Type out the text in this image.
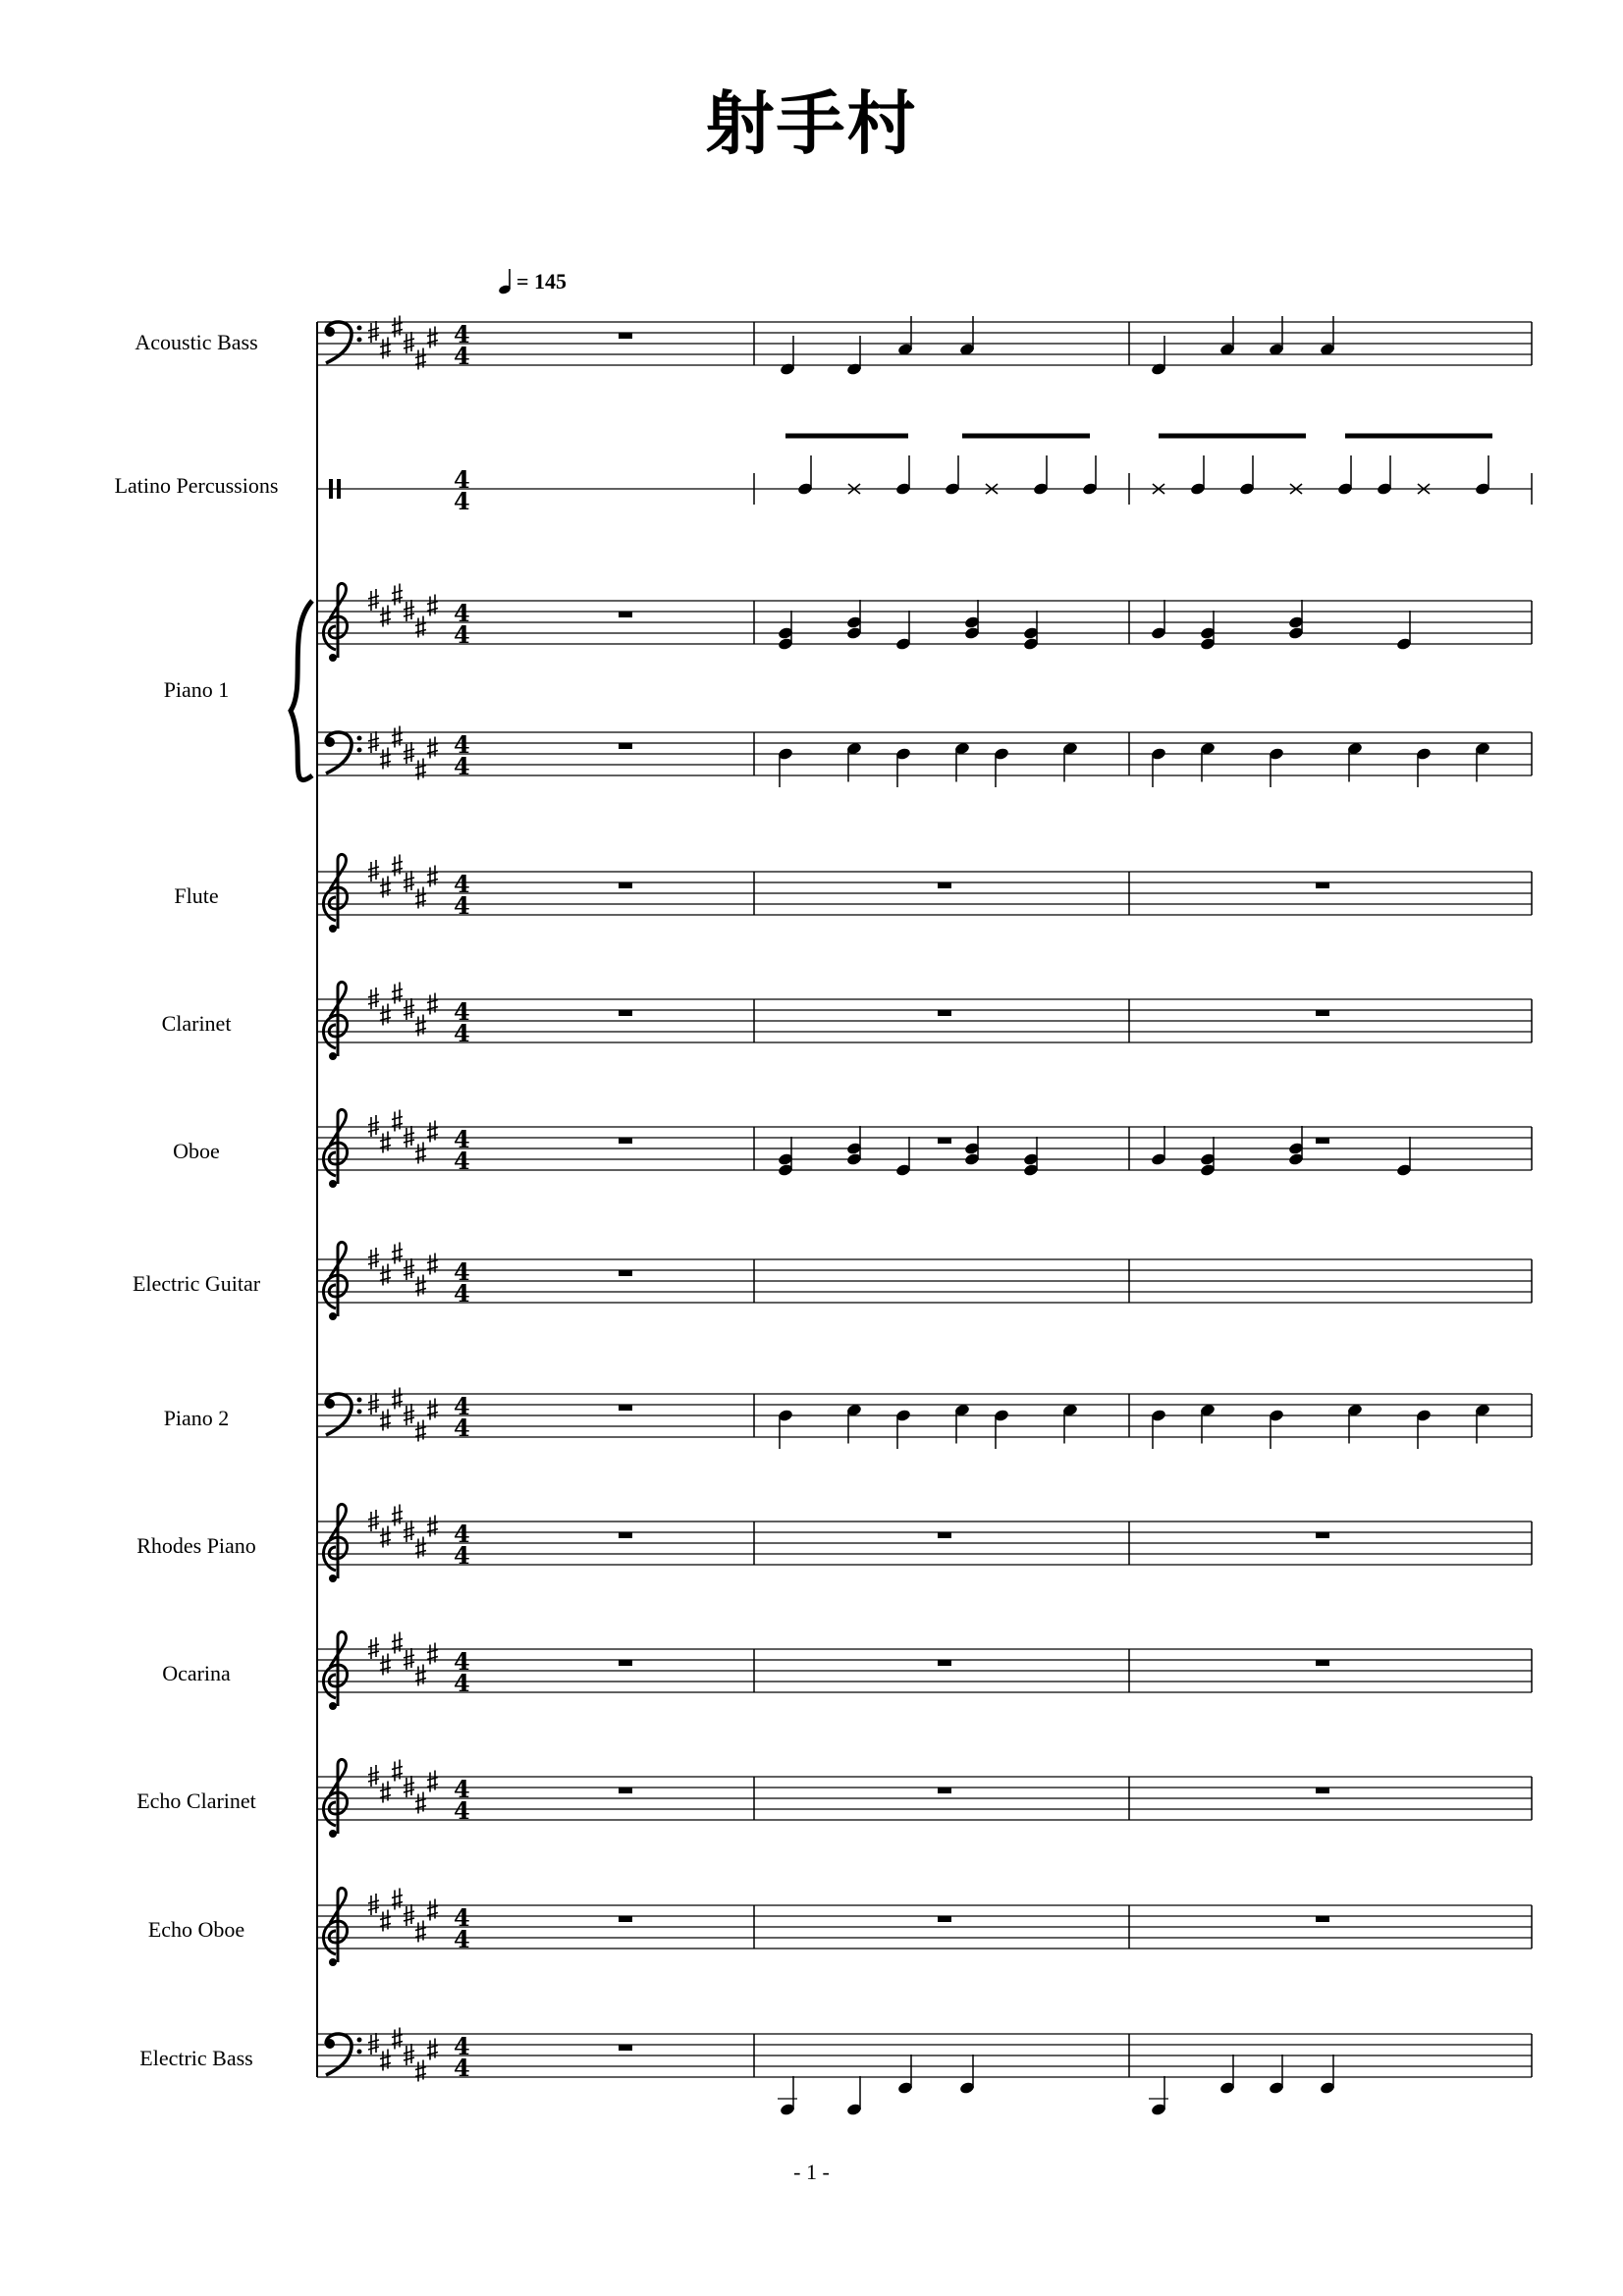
射手村
= 145
Acoustic Bass
Latino Percussions
Piano 1
Flute
Clarinet
Oboe
Electric Guitar
Piano 2
Rhodes Piano
Ocarina
Echo Clarinet
Echo Oboe
Electric Bass
4
4
4
4
4
4
4
4
4
4
4
4
4
4
4
4
4
4
4
4
4
4
4
4
4
4
4
4
- 1 -
